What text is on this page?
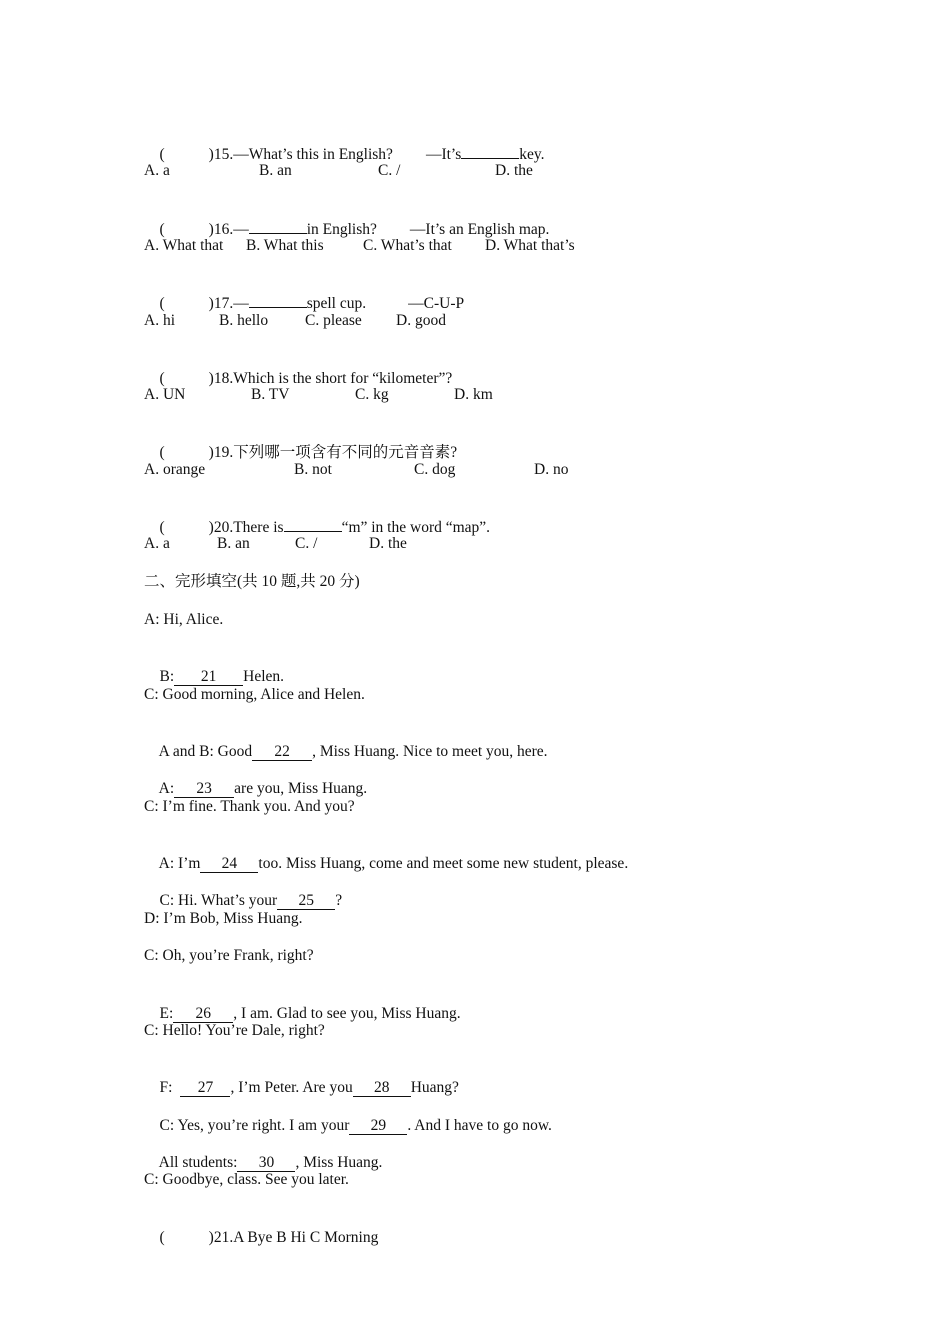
(	)15.—What’s this in English? —It’s	key.

A. a	B. an	C. /	D. the

(	)16.—	in English? —It’s an English map.

A. What that B. What this	C. What’s that D. What that’s

(	)17.—	spell cup.	—C-U-P

A. hi	B. hello C. please D. good

(	)18.Which is the short for “kilometer”?

A. UN	B. TV	C. kg	D. km

(	)19.下列哪一项含有不同的元音音素?

A. orange	B. not	C. dog	D. no

(	)20.There is	“m” in the word “map”.

A. a	B. an	C. /	D. the
二、完形填空(共 10 题,共 20 分)
A: Hi, Alice.

B: 21 Helen.

C: Good morning, Alice and Helen.

A and B: Good 22 , Miss Huang. Nice to meet you, here.

A: 23 are you, Miss Huang.

C: I’m fine. Thank you. And you?

A: I’m 24 too. Miss Huang, come and meet some new student, please.

C: Hi. What’s your 25 ?

D: I’m Bob, Miss Huang.
C: Oh, you’re Frank, right?

E: 26 , I am. Glad to see you, Miss Huang.

C: Hello! You’re Dale, right?

F: 27 , I’m Peter. Are you 28 Huang?

C: Yes, you’re right. I am your 29 . And I have to go now.

All students: 30 , Miss Huang.

C: Goodbye, class. See you later.

(	)21.A Bye B Hi C Morning
